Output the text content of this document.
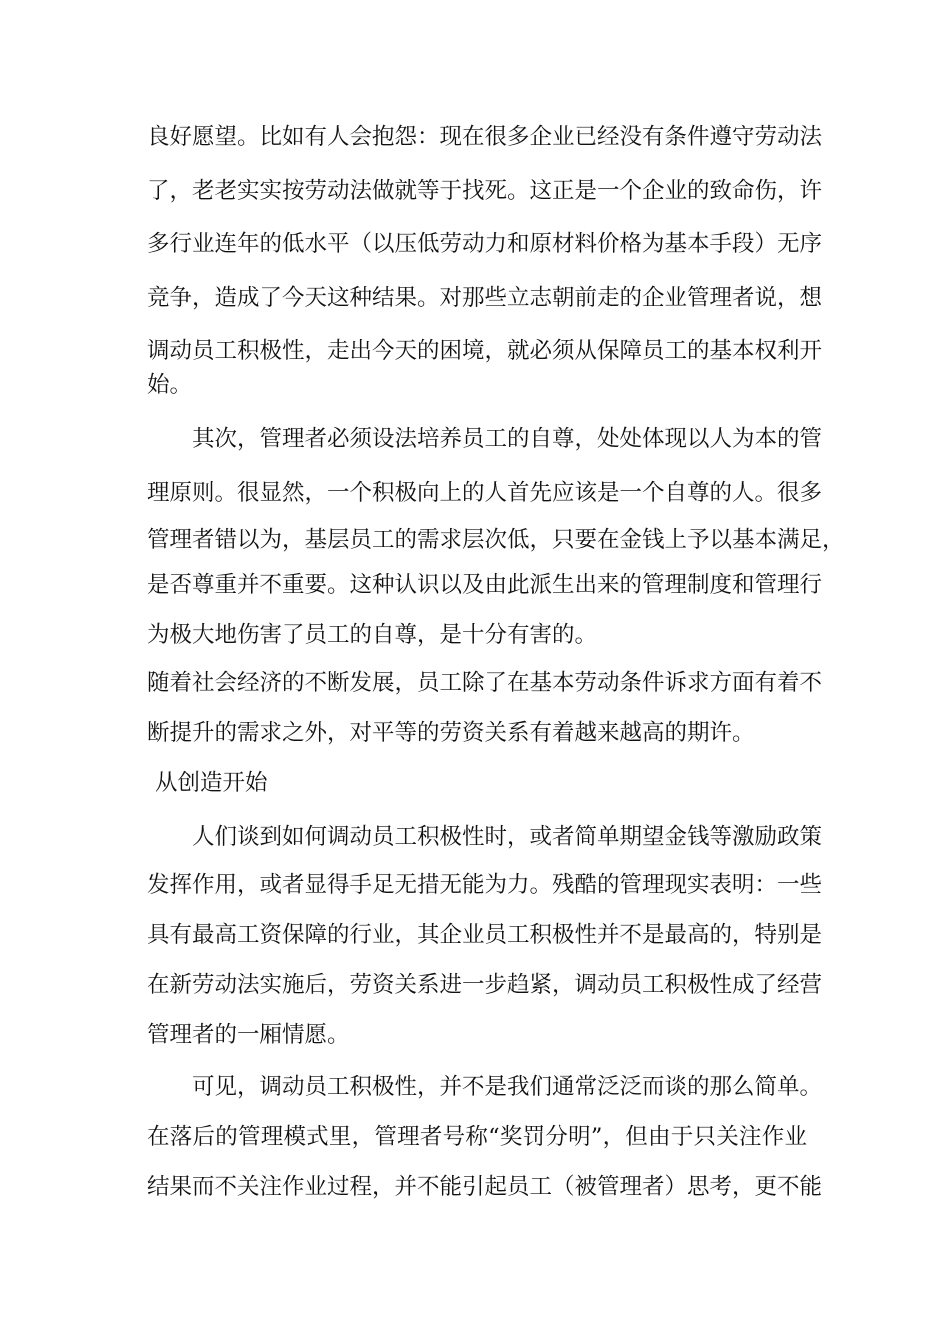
良好愿望。比如有人会抱怨：现在很多企业已经没有条件遵守劳动法
了，老老实实按劳动法做就等于找死。这正是一个企业的致命伤，许
多行业连年的低水平（以压低劳动力和原材料价格为基本手段）无序
竞争，造成了今天这种结果。对那些立志朝前走的企业管理者说，想
调动员工积极性，走出今天的困境，就必须从保障员工的基本权利开
始。
其次，管理者必须设法培养员工的自尊，处处体现以人为本的管
理原则。很显然，一个积极向上的人首先应该是一个自尊的人。很多
管理者错以为，基层员工的需求层次低，只要在金钱上予以基本满足，
是否尊重并不重要。这种认识以及由此派生出来的管理制度和管理行
为极大地伤害了员工的自尊，是十分有害的。
随着社会经济的不断发展，员工除了在基本劳动条件诉求方面有着不
断提升的需求之外，对平等的劳资关系有着越来越高的期许。
从创造开始
人们谈到如何调动员工积极性时，或者简单期望金钱等激励政策
发挥作用，或者显得手足无措无能为力。残酷的管理现实表明：一些
具有最高工资保障的行业，其企业员工积极性并不是最高的，特别是
在新劳动法实施后，劳资关系进一步趋紧，调动员工积极性成了经营
管理者的一厢情愿。
可见，调动员工积极性，并不是我们通常泛泛而谈的那么简单。
在落后的管理模式里，管理者号称“奖罚分明”，但由于只关注作业
结果而不关注作业过程，并不能引起员工（被管理者）思考，更不能
